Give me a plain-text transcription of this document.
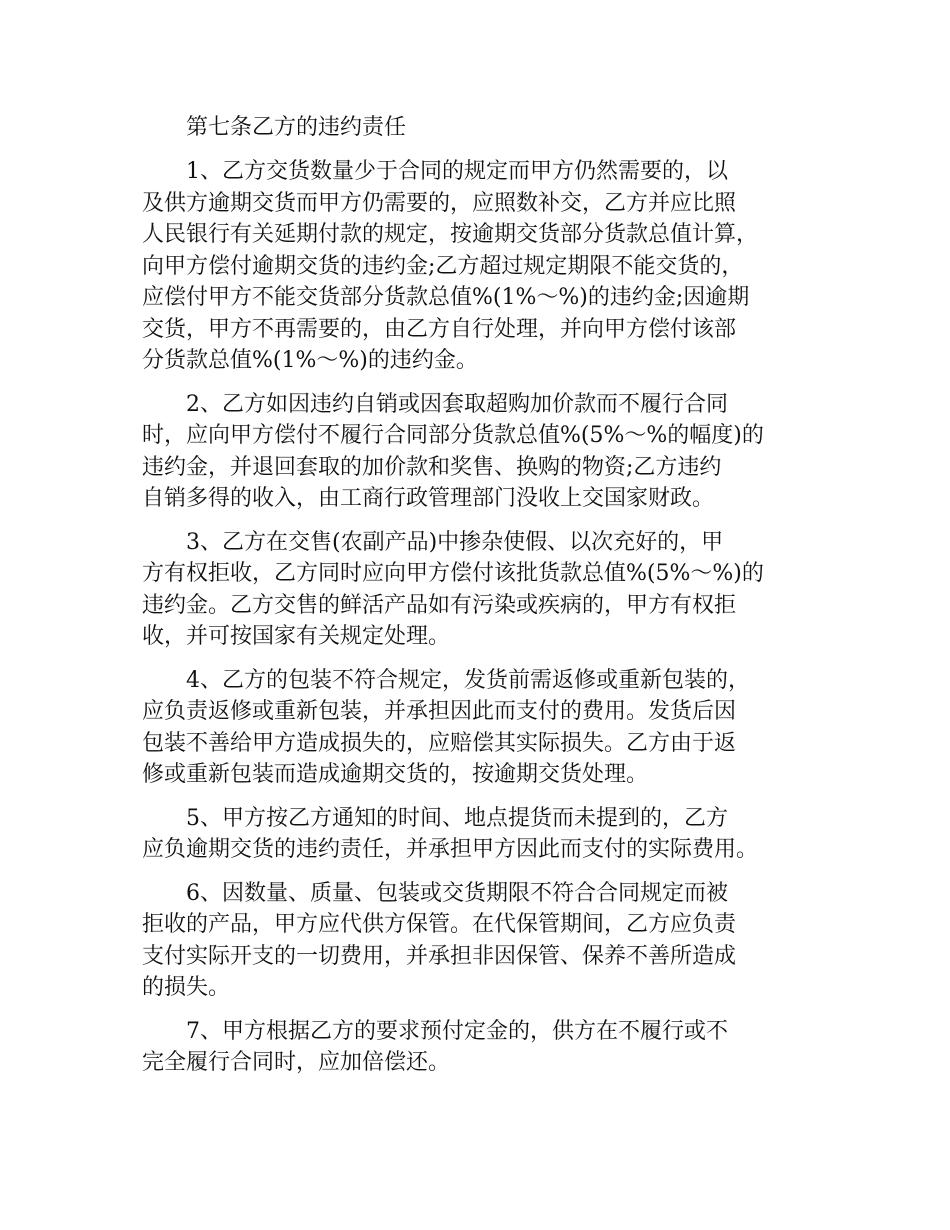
第七条乙方的违约责任
1、乙方交货数量少于合同的规定而甲方仍然需要的，以
及供方逾期交货而甲方仍需要的，应照数补交，乙方并应比照
人民银行有关延期付款的规定，按逾期交货部分货款总值计算，
向甲方偿付逾期交货的违约金;乙方超过规定期限不能交货的，
应偿付甲方不能交货部分货款总值%(1%～%)的违约金;因逾期
交货，甲方不再需要的，由乙方自行处理，并向甲方偿付该部
分货款总值%(1%～%)的违约金。
2、乙方如因违约自销或因套取超购加价款而不履行合同
时，应向甲方偿付不履行合同部分货款总值%(5%～%的幅度)的
违约金，并退回套取的加价款和奖售、换购的物资;乙方违约
自销多得的收入，由工商行政管理部门没收上交国家财政。
3、乙方在交售(农副产品)中掺杂使假、以次充好的，甲
方有权拒收，乙方同时应向甲方偿付该批货款总值%(5%～%)的
违约金。乙方交售的鲜活产品如有污染或疾病的，甲方有权拒
收，并可按国家有关规定处理。
4、乙方的包装不符合规定，发货前需返修或重新包装的，
应负责返修或重新包装，并承担因此而支付的费用。发货后因
包装不善给甲方造成损失的，应赔偿其实际损失。乙方由于返
修或重新包装而造成逾期交货的，按逾期交货处理。
5、甲方按乙方通知的时间、地点提货而未提到的，乙方
应负逾期交货的违约责任，并承担甲方因此而支付的实际费用。
6、因数量、质量、包装或交货期限不符合合同规定而被
拒收的产品，甲方应代供方保管。在代保管期间，乙方应负责
支付实际开支的一切费用，并承担非因保管、保养不善所造成
的损失。
7、甲方根据乙方的要求预付定金的，供方在不履行或不
完全履行合同时，应加倍偿还。
